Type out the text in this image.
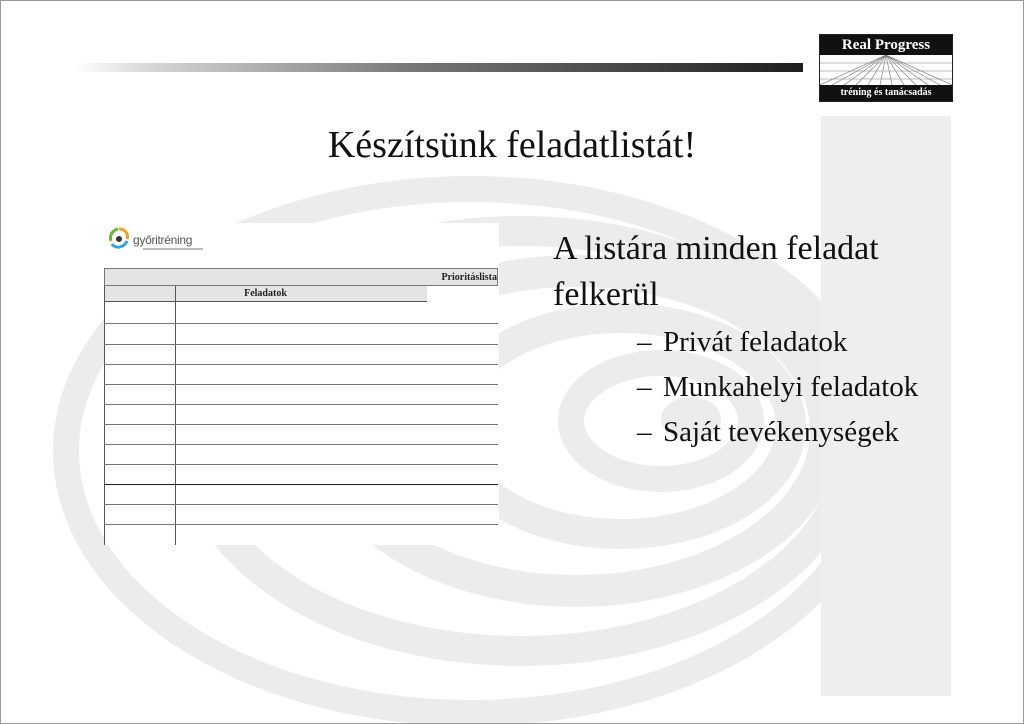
Real Progress
tréning és tanácsadás
Készítsünk feladatlistát!
győritréning
Prioritáslista
Feladatok
A listára minden feladat felkerül
– Privát feladatok
– Munkahelyi feladatok
– Saját tevékenységek
